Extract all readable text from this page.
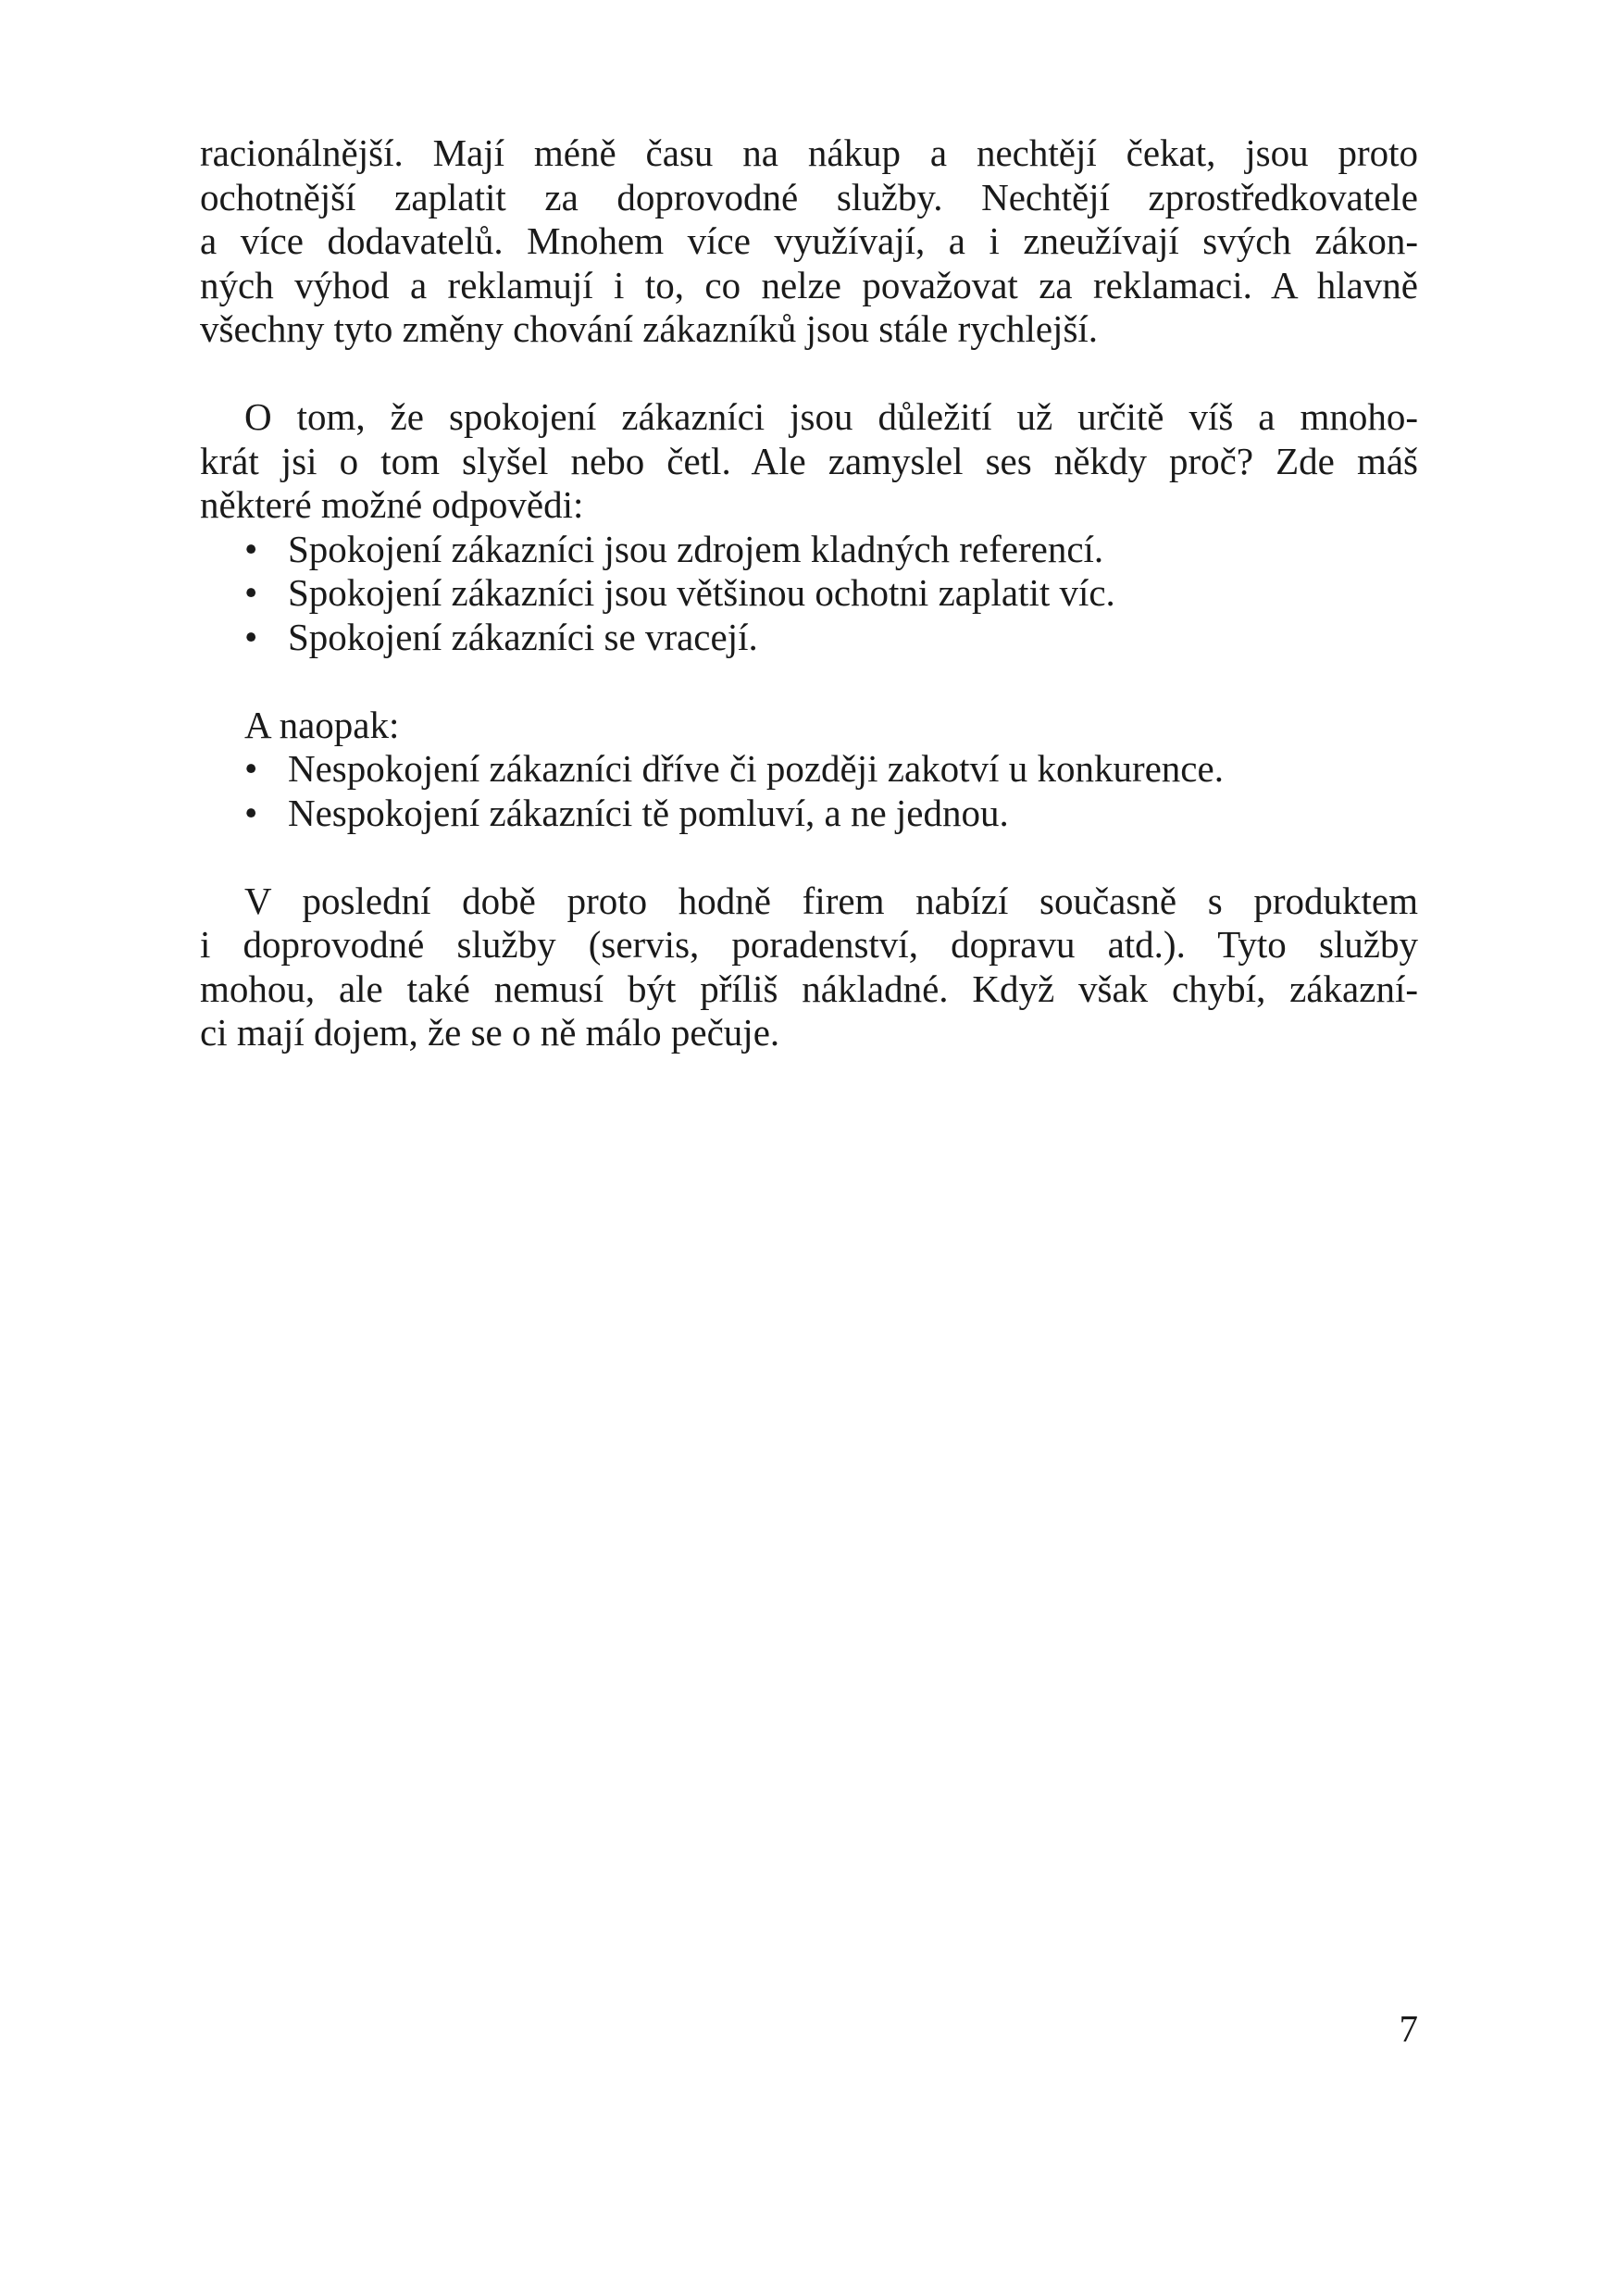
racionálnější. Mají méně času na nákup a nechtějí čekat, jsou proto
ochotnější zaplatit za doprovodné služby. Nechtějí zprostředkovatele
a více dodavatelů. Mnohem více využívají, a i zneužívají svých zákon-
ných výhod a reklamují i to, co nelze považovat za reklamaci. A hlavně
všechny tyto změny chování zákazníků jsou stále rychlejší.
O tom, že spokojení zákazníci jsou důležití už určitě víš a mnoho-
krát jsi o tom slyšel nebo četl. Ale zamyslel ses někdy proč? Zde máš
některé možné odpovědi:
• Spokojení zákazníci jsou zdrojem kladných referencí.
• Spokojení zákazníci jsou většinou ochotni zaplatit víc.
• Spokojení zákazníci se vracejí.
A naopak:
• Nespokojení zákazníci dříve či později zakotví u konkurence.
• Nespokojení zákazníci tě pomluví, a ne jednou.
V poslední době proto hodně firem nabízí současně s produktem
i doprovodné služby (servis, poradenství, dopravu atd.). Tyto služby
mohou, ale také nemusí být příliš nákladné. Když však chybí, zákazní-
ci mají dojem, že se o ně málo pečuje.
7
